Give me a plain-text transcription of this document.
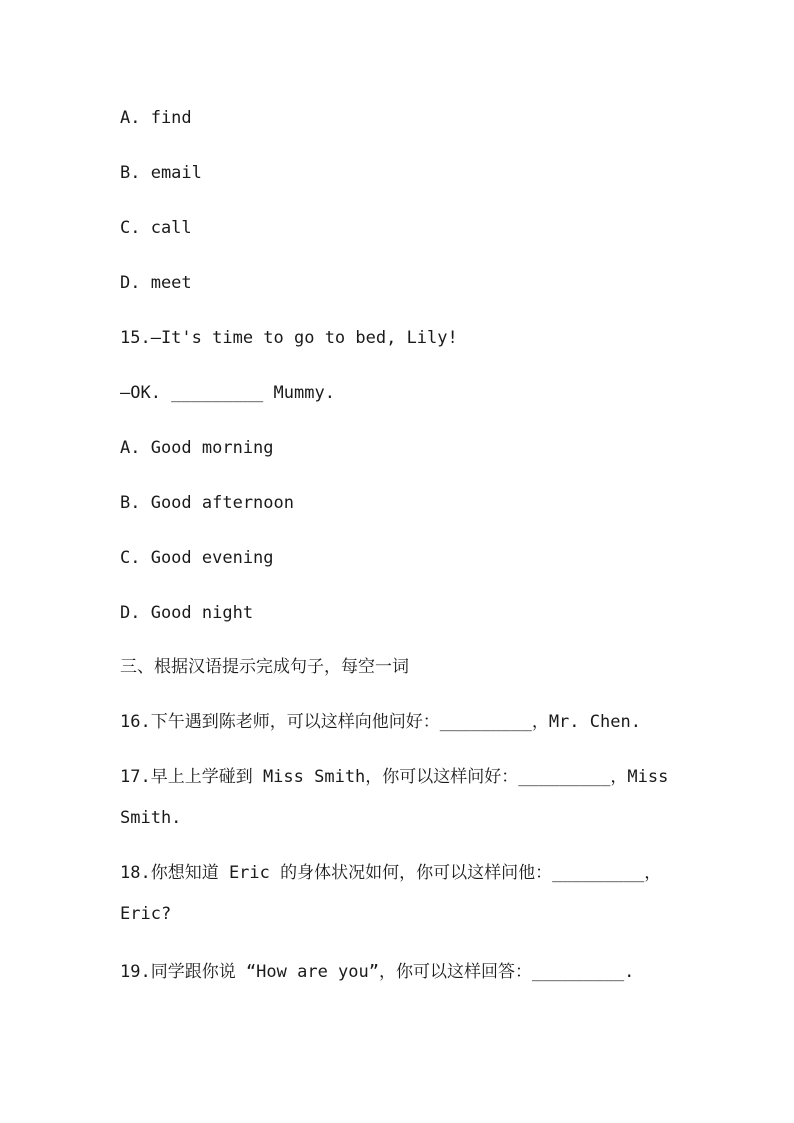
A. find

B. email

C. call

D. meet

15.—It's time to go to bed, Lily!

—OK. _________ Mummy.

A. Good morning

B. Good afternoon

C. Good evening

D. Good night

三、根据汉语提示完成句子，每空一词

16.下午遇到陈老师，可以这样向他问好：_________，Mr. Chen.

17.早上上学碰到 Miss Smith，你可以这样问好：_________，Miss Smith.

18.你想知道 Eric 的身体状况如何，你可以这样问他：_________，Eric?

19.同学跟你说 “How are you”，你可以这样回答：_________.
